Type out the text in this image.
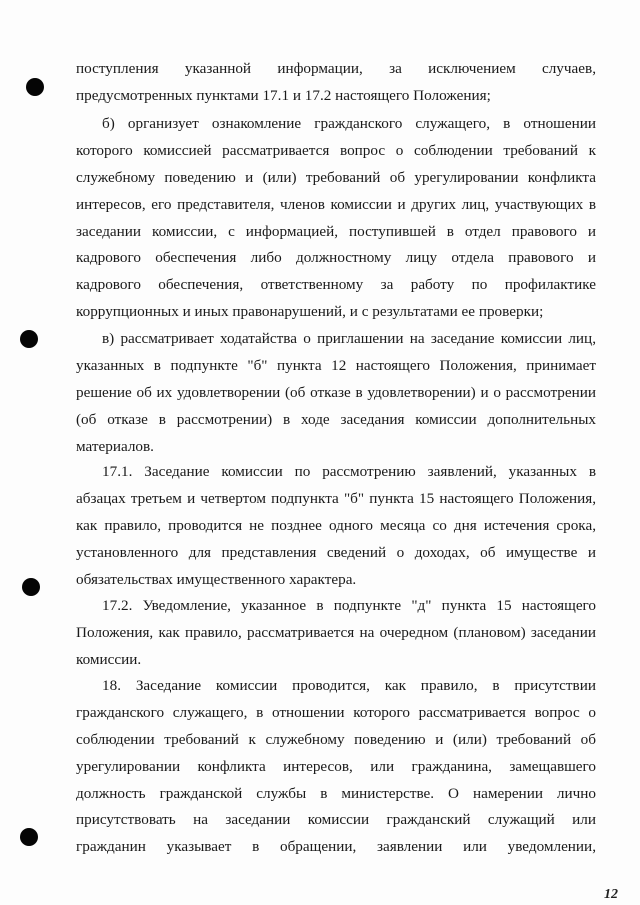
поступления указанной информации, за исключением случаев,
предусмотренных пунктами 17.1 и 17.2 настоящего Положения;
б) организует ознакомление гражданского служащего, в отношении
которого комиссией рассматривается вопрос о соблюдении требований к
служебному поведению и (или) требований об урегулировании конфликта
интересов, его представителя, членов комиссии и других лиц, участвующих в
заседании комиссии, с информацией, поступившей в отдел правового и
кадрового обеспечения либо должностному лицу отдела правового и
кадрового обеспечения, ответственному за работу по профилактике
коррупционных и иных правонарушений, и с результатами ее проверки;
в) рассматривает ходатайства о приглашении на заседание комиссии лиц,
указанных в подпункте "б" пункта 12 настоящего Положения, принимает
решение об их удовлетворении (об отказе в удовлетворении) и о рассмотрении
(об отказе в рассмотрении) в ходе заседания комиссии дополнительных
материалов.
17.1. Заседание комиссии по рассмотрению заявлений, указанных в
абзацах третьем и четвертом подпункта "б" пункта 15 настоящего Положения,
как правило, проводится не позднее одного месяца со дня истечения срока,
установленного для представления сведений о доходах, об имуществе и
обязательствах имущественного характера.
17.2. Уведомление, указанное в подпункте "д" пункта 15 настоящего
Положения, как правило, рассматривается на очередном (плановом) заседании
комиссии.
18. Заседание комиссии проводится, как правило, в присутствии
гражданского служащего, в отношении которого рассматривается вопрос о
соблюдении требований к служебному поведению и (или) требований об
урегулировании конфликта интересов, или гражданина, замещавшего
должность гражданской службы в министерстве. О намерении лично
присутствовать на заседании комиссии гражданский служащий или
гражданин указывает в обращении, заявлении или уведомлении,
12
